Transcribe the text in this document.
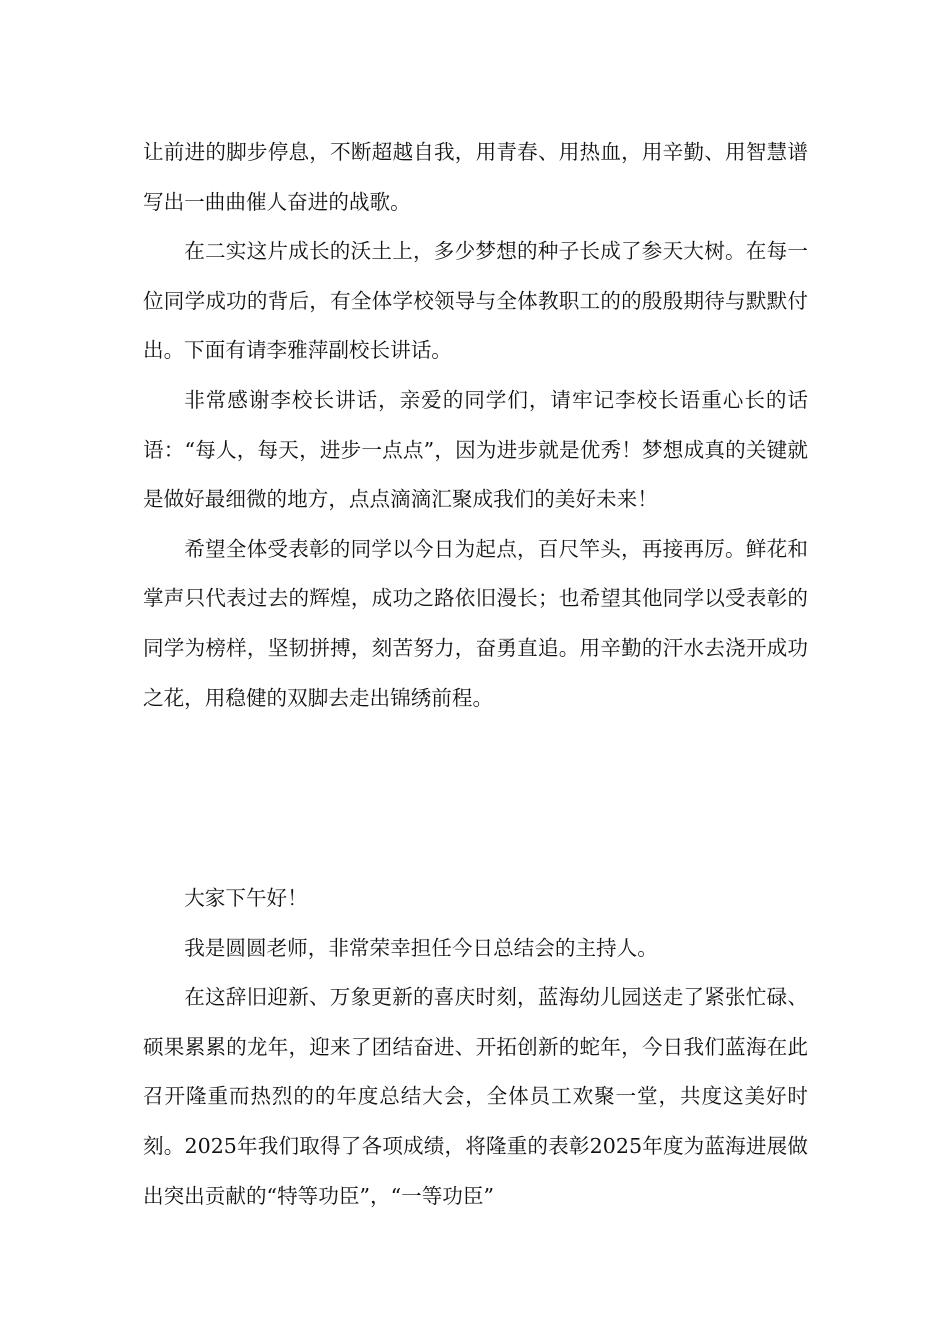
让前进的脚步停息，不断超越自我，用青春、用热血，用辛勤、用智慧谱写出一曲曲催人奋进的战歌。

在二实这片成长的沃土上，多少梦想的种子长成了参天大树。在每一位同学成功的背后，有全体学校领导与全体教职工的的殷殷期待与默默付出。下面有请李雅萍副校长讲话。

非常感谢李校长讲话，亲爱的同学们，请牢记李校长语重心长的话语：“每人，每天，进步一点点”，因为进步就是优秀！梦想成真的关键就是做好最细微的地方，点点滴滴汇聚成我们的美好未来！

希望全体受表彰的同学以今日为起点，百尺竿头，再接再厉。鲜花和掌声只代表过去的辉煌，成功之路依旧漫长；也希望其他同学以受表彰的同学为榜样，坚韧拼搏，刻苦努力，奋勇直追。用辛勤的汗水去浇开成功之花，用稳健的双脚去走出锦绣前程。

大家下午好！

我是圆圆老师，非常荣幸担任今日总结会的主持人。

在这辞旧迎新、万象更新的喜庆时刻，蓝海幼儿园送走了紧张忙碌、硕果累累的龙年，迎来了团结奋进、开拓创新的蛇年，今日我们蓝海在此召开隆重而热烈的的年度总结大会，全体员工欢聚一堂，共度这美好时刻。2025年我们取得了各项成绩，将隆重的表彰2025年度为蓝海进展做出突出贡献的“特等功臣”，“一等功臣”
